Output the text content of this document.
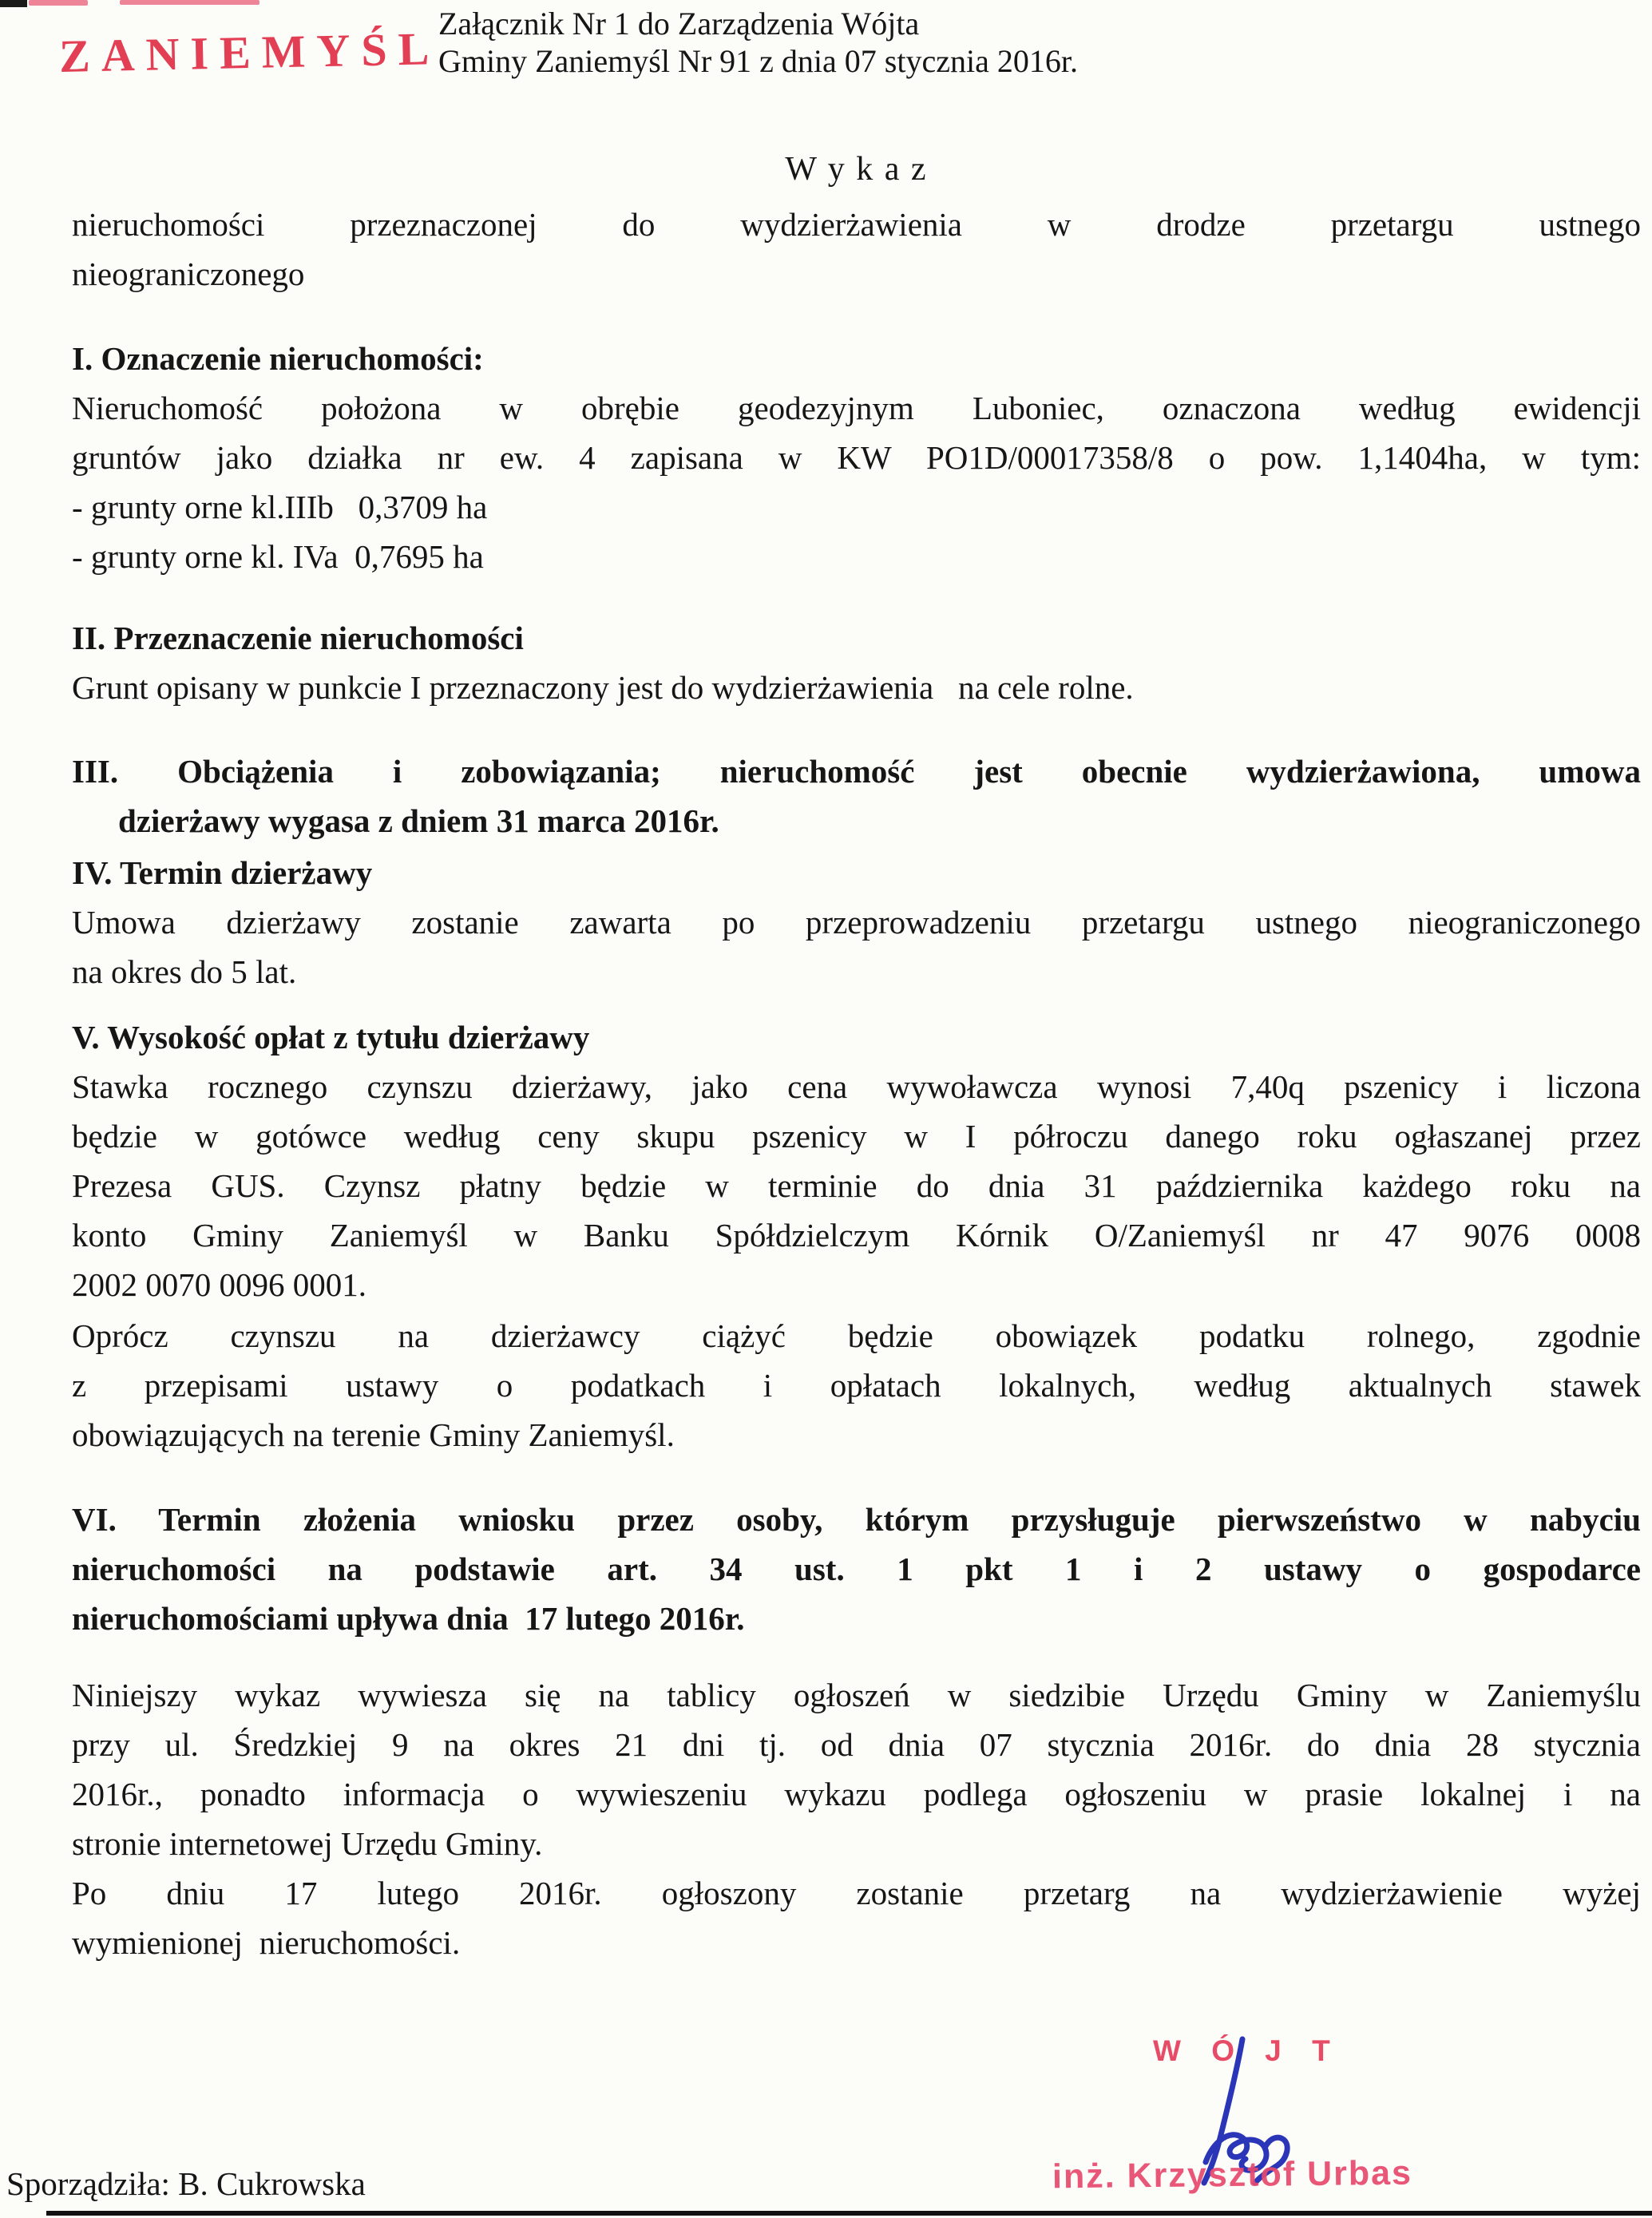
ZANIEMYŚL
Załącznik Nr 1 do Zarządzenia Wójta
Gminy Zaniemyśl Nr 91 z dnia 07 stycznia 2016r.
W y k a z
nieruchomości przeznaczonej do wydzierżawienia w drodze przetargu ustnego
nieograniczonego
I. Oznaczenie nieruchomości:
Nieruchomość położona w obrębie geodezyjnym Luboniec, oznaczona według ewidencji
gruntów jako działka nr ew. 4 zapisana w KW PO1D/00017358/8 o pow. 1,1404ha, w tym:
- grunty orne kl.IIIb   0,3709 ha
- grunty orne kl. IVa  0,7695 ha
II. Przeznaczenie nieruchomości
Grunt opisany w punkcie I przeznaczony jest do wydzierżawienia   na cele rolne.
III. Obciążenia i zobowiązania; nieruchomość jest obecnie wydzierżawiona, umowa
dzierżawy wygasa z dniem 31 marca 2016r.
IV. Termin dzierżawy
Umowa dzierżawy zostanie zawarta po przeprowadzeniu przetargu ustnego nieograniczonego
na okres do 5 lat.
V. Wysokość opłat z tytułu dzierżawy
Stawka rocznego czynszu dzierżawy, jako cena wywoławcza wynosi 7,40q pszenicy i liczona
będzie w gotówce według ceny skupu pszenicy w I półroczu danego roku ogłaszanej przez
Prezesa GUS. Czynsz płatny będzie w terminie do dnia 31 października każdego roku na
konto Gminy Zaniemyśl w Banku Spółdzielczym Kórnik O/Zaniemyśl nr 47 9076 0008
2002 0070 0096 0001.
Oprócz czynszu na dzierżawcy ciążyć będzie obowiązek podatku rolnego, zgodnie
z przepisami ustawy o podatkach i opłatach lokalnych, według aktualnych stawek
obowiązujących na terenie Gminy Zaniemyśl.
VI. Termin złożenia wniosku przez osoby, którym przysługuje pierwszeństwo w nabyciu
nieruchomości na podstawie art. 34 ust. 1 pkt 1 i 2 ustawy o gospodarce
nieruchomościami upływa dnia  17 lutego 2016r.
Niniejszy wykaz wywiesza się na tablicy ogłoszeń w siedzibie Urzędu Gminy w Zaniemyślu
przy ul. Średzkiej 9 na okres 21 dni tj. od dnia 07 stycznia 2016r. do dnia 28 stycznia
2016r., ponadto informacja o wywieszeniu wykazu podlega ogłoszeniu w prasie lokalnej i na
stronie internetowej Urzędu Gminy.
Po dniu 17 lutego 2016r. ogłoszony zostanie przetarg na wydzierżawienie wyżej
wymienionej  nieruchomości.
W Ó J T
inż. Krzysztof Urbas
Sporządziła: B. Cukrowska
